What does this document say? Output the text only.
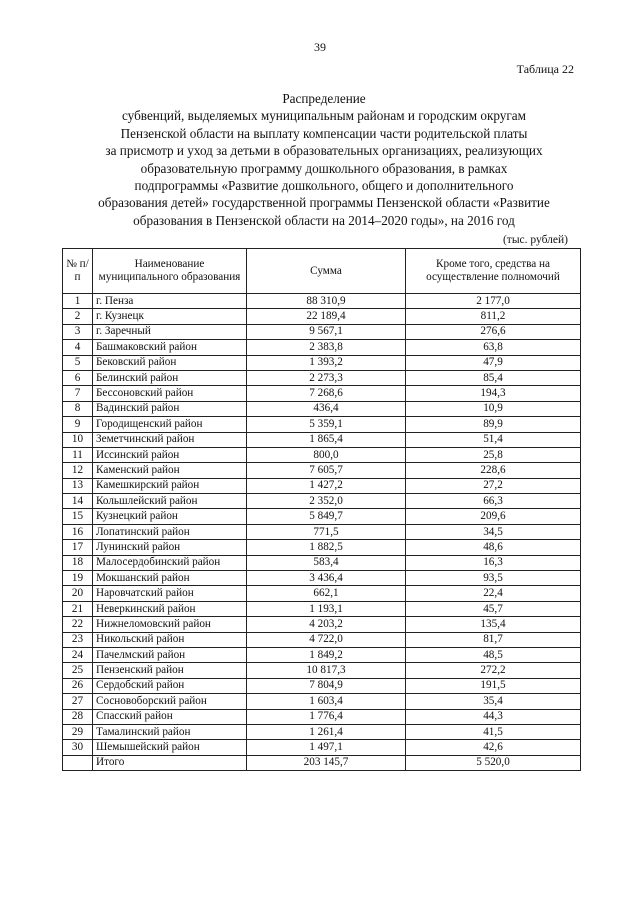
39
Таблица 22
Распределение
субвенций, выделяемых муниципальным районам и городским округам
Пензенской области на выплату компенсации части родительской платы
за присмотр и уход за детьми в образовательных организациях, реализующих
образовательную программу дошкольного образования, в рамках
подпрограммы «Развитие дошкольного, общего и дополнительного
образования детей» государственной программы Пензенской области «Развитие
образования в Пензенской области на 2014–2020 годы», на 2016 год
(тыс. рублей)
№ п/п	Наименование муниципального образования	Сумма	Кроме того, средства на осуществление полномочий
1	г. Пенза	88 310,9	2 177,0
2	г. Кузнецк	22 189,4	811,2
3	г. Заречный	9 567,1	276,6
4	Башмаковский район	2 383,8	63,8
5	Бековский район	1 393,2	47,9
6	Белинский район	2 273,3	85,4
7	Бессоновский район	7 268,6	194,3
8	Вадинский район	436,4	10,9
9	Городищенский район	5 359,1	89,9
10	Земетчинский район	1 865,4	51,4
11	Иссинский район	800,0	25,8
12	Каменский район	7 605,7	228,6
13	Камешкирский район	1 427,2	27,2
14	Кольшлейский район	2 352,0	66,3
15	Кузнецкий район	5 849,7	209,6
16	Лопатинский район	771,5	34,5
17	Лунинский район	1 882,5	48,6
18	Малосердобинский район	583,4	16,3
19	Мокшанский район	3 436,4	93,5
20	Наровчатский район	662,1	22,4
21	Неверкинский район	1 193,1	45,7
22	Нижнеломовский район	4 203,2	135,4
23	Никольский район	4 722,0	81,7
24	Пачелмский район	1 849,2	48,5
25	Пензенский район	10 817,3	272,2
26	Сердобский район	7 804,9	191,5
27	Сосновоборский район	1 603,4	35,4
28	Спасский район	1 776,4	44,3
29	Тамалинский район	1 261,4	41,5
30	Шемышейский район	1 497,1	42,6
	Итого	203 145,7	5 520,0
